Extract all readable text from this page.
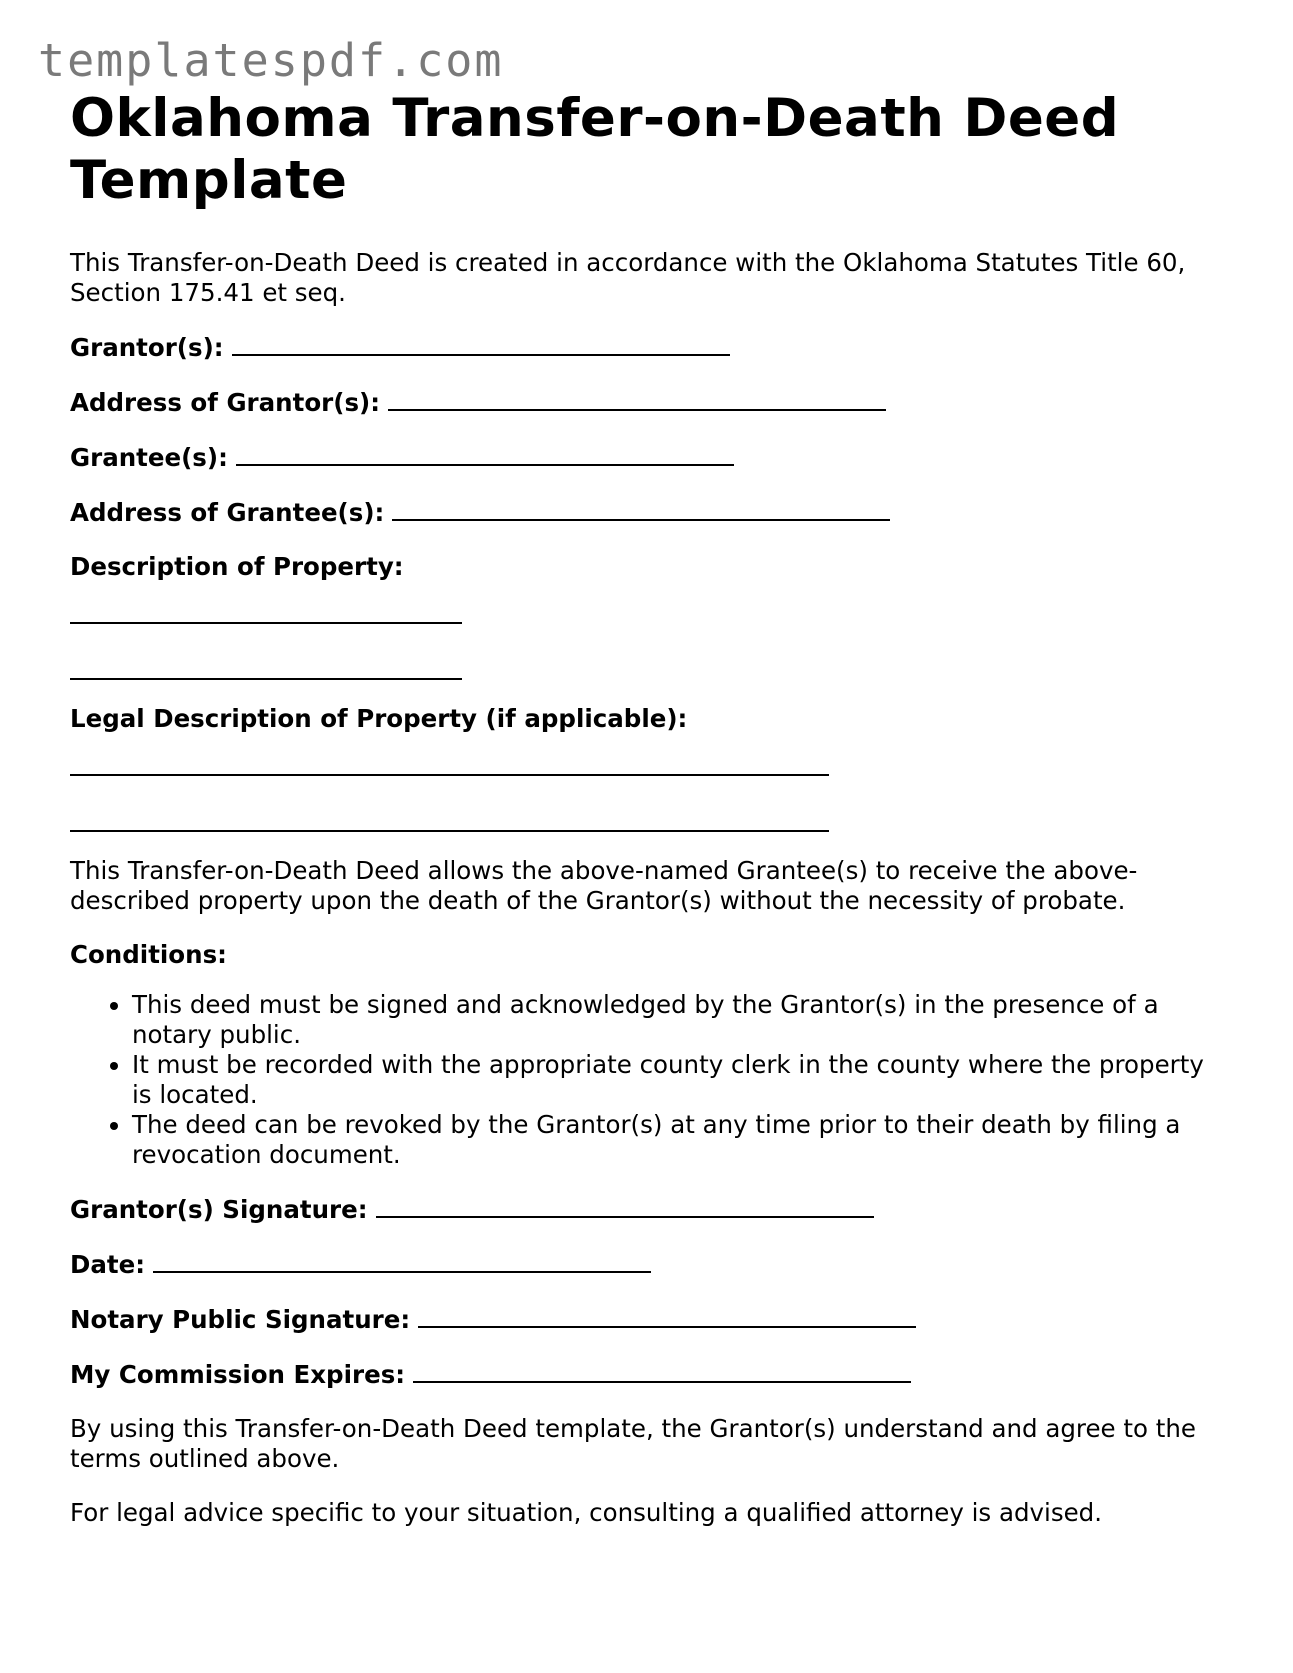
templatespdf.com
Oklahoma Transfer-on-Death Deed Template

This Transfer-on-Death Deed is created in accordance with the Oklahoma Statutes Title 60, Section 175.41 et seq.

Grantor(s):
Address of Grantor(s):
Grantee(s):
Address of Grantee(s):
Description of Property:
Legal Description of Property (if applicable):

This Transfer-on-Death Deed allows the above-named Grantee(s) to receive the above-described property upon the death of the Grantor(s) without the necessity of probate.

Conditions:
• This deed must be signed and acknowledged by the Grantor(s) in the presence of a notary public.
• It must be recorded with the appropriate county clerk in the county where the property is located.
• The deed can be revoked by the Grantor(s) at any time prior to their death by filing a revocation document.
Grantor(s) Signature:
Date:
Notary Public Signature:
My Commission Expires:

By using this Transfer-on-Death Deed template, the Grantor(s) understand and agree to the terms outlined above.

For legal advice specific to your situation, consulting a qualified attorney is advised.
